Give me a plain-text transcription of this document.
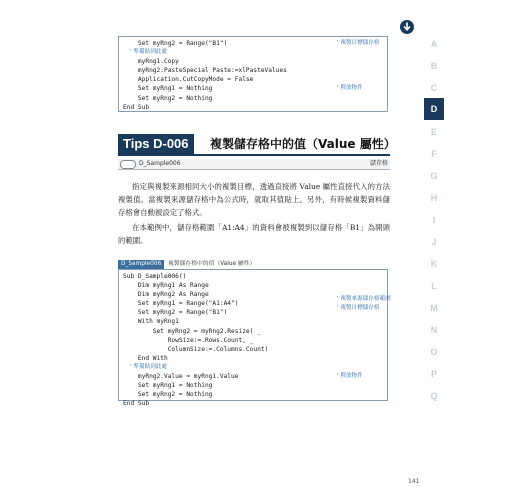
Set myRng2 = Range("B1")
' 準備貼到此處
myRng1.Copy
myRng2.PasteSpecial Paste:=xlPasteValues
Application.CutCopyMode = False
Set myRng1 = Nothing
Set myRng2 = Nothing
End Sub
' 複製目標儲存格
' 釋放物件
Tips D-006	複製儲存格中的值（Value 屬性）
D_Sample006	儲存格
指定與複製來源相同大小的複製目標，透過直接將 Value 屬性直接代入的方法複製值。當複製來源儲存格中為公式時，就取其值貼上。另外，有時候複製資料儲存格會自動被設定了格式。
在本範例中，儲存格範圍「A1:A4」的資料會被複製到以儲存格「B1」為開頭的範圍。
D_Sample006	複製儲存格中的值（Value 屬性）
Sub D_Sample006()
Dim myRng1 As Range
Dim myRng2 As Range
Set myRng1 = Range("A1:A4")
Set myRng2 = Range("B1")
With myRng1
Set myRng2 = myRng2.Resize( _
RowSize:=.Rows.Count, _
ColumnSize:=.Columns.Count)
End With
' 準備貼到此處
myRng2.Value = myRng1.Value
Set myRng1 = Nothing
Set myRng2 = Nothing
End Sub
' 複製來源儲存格範圍
' 複製目標儲存格
' 釋放物件
A
B
C
D
E
F
G
H
I
J
K
L
M
N
O
P
Q
141
